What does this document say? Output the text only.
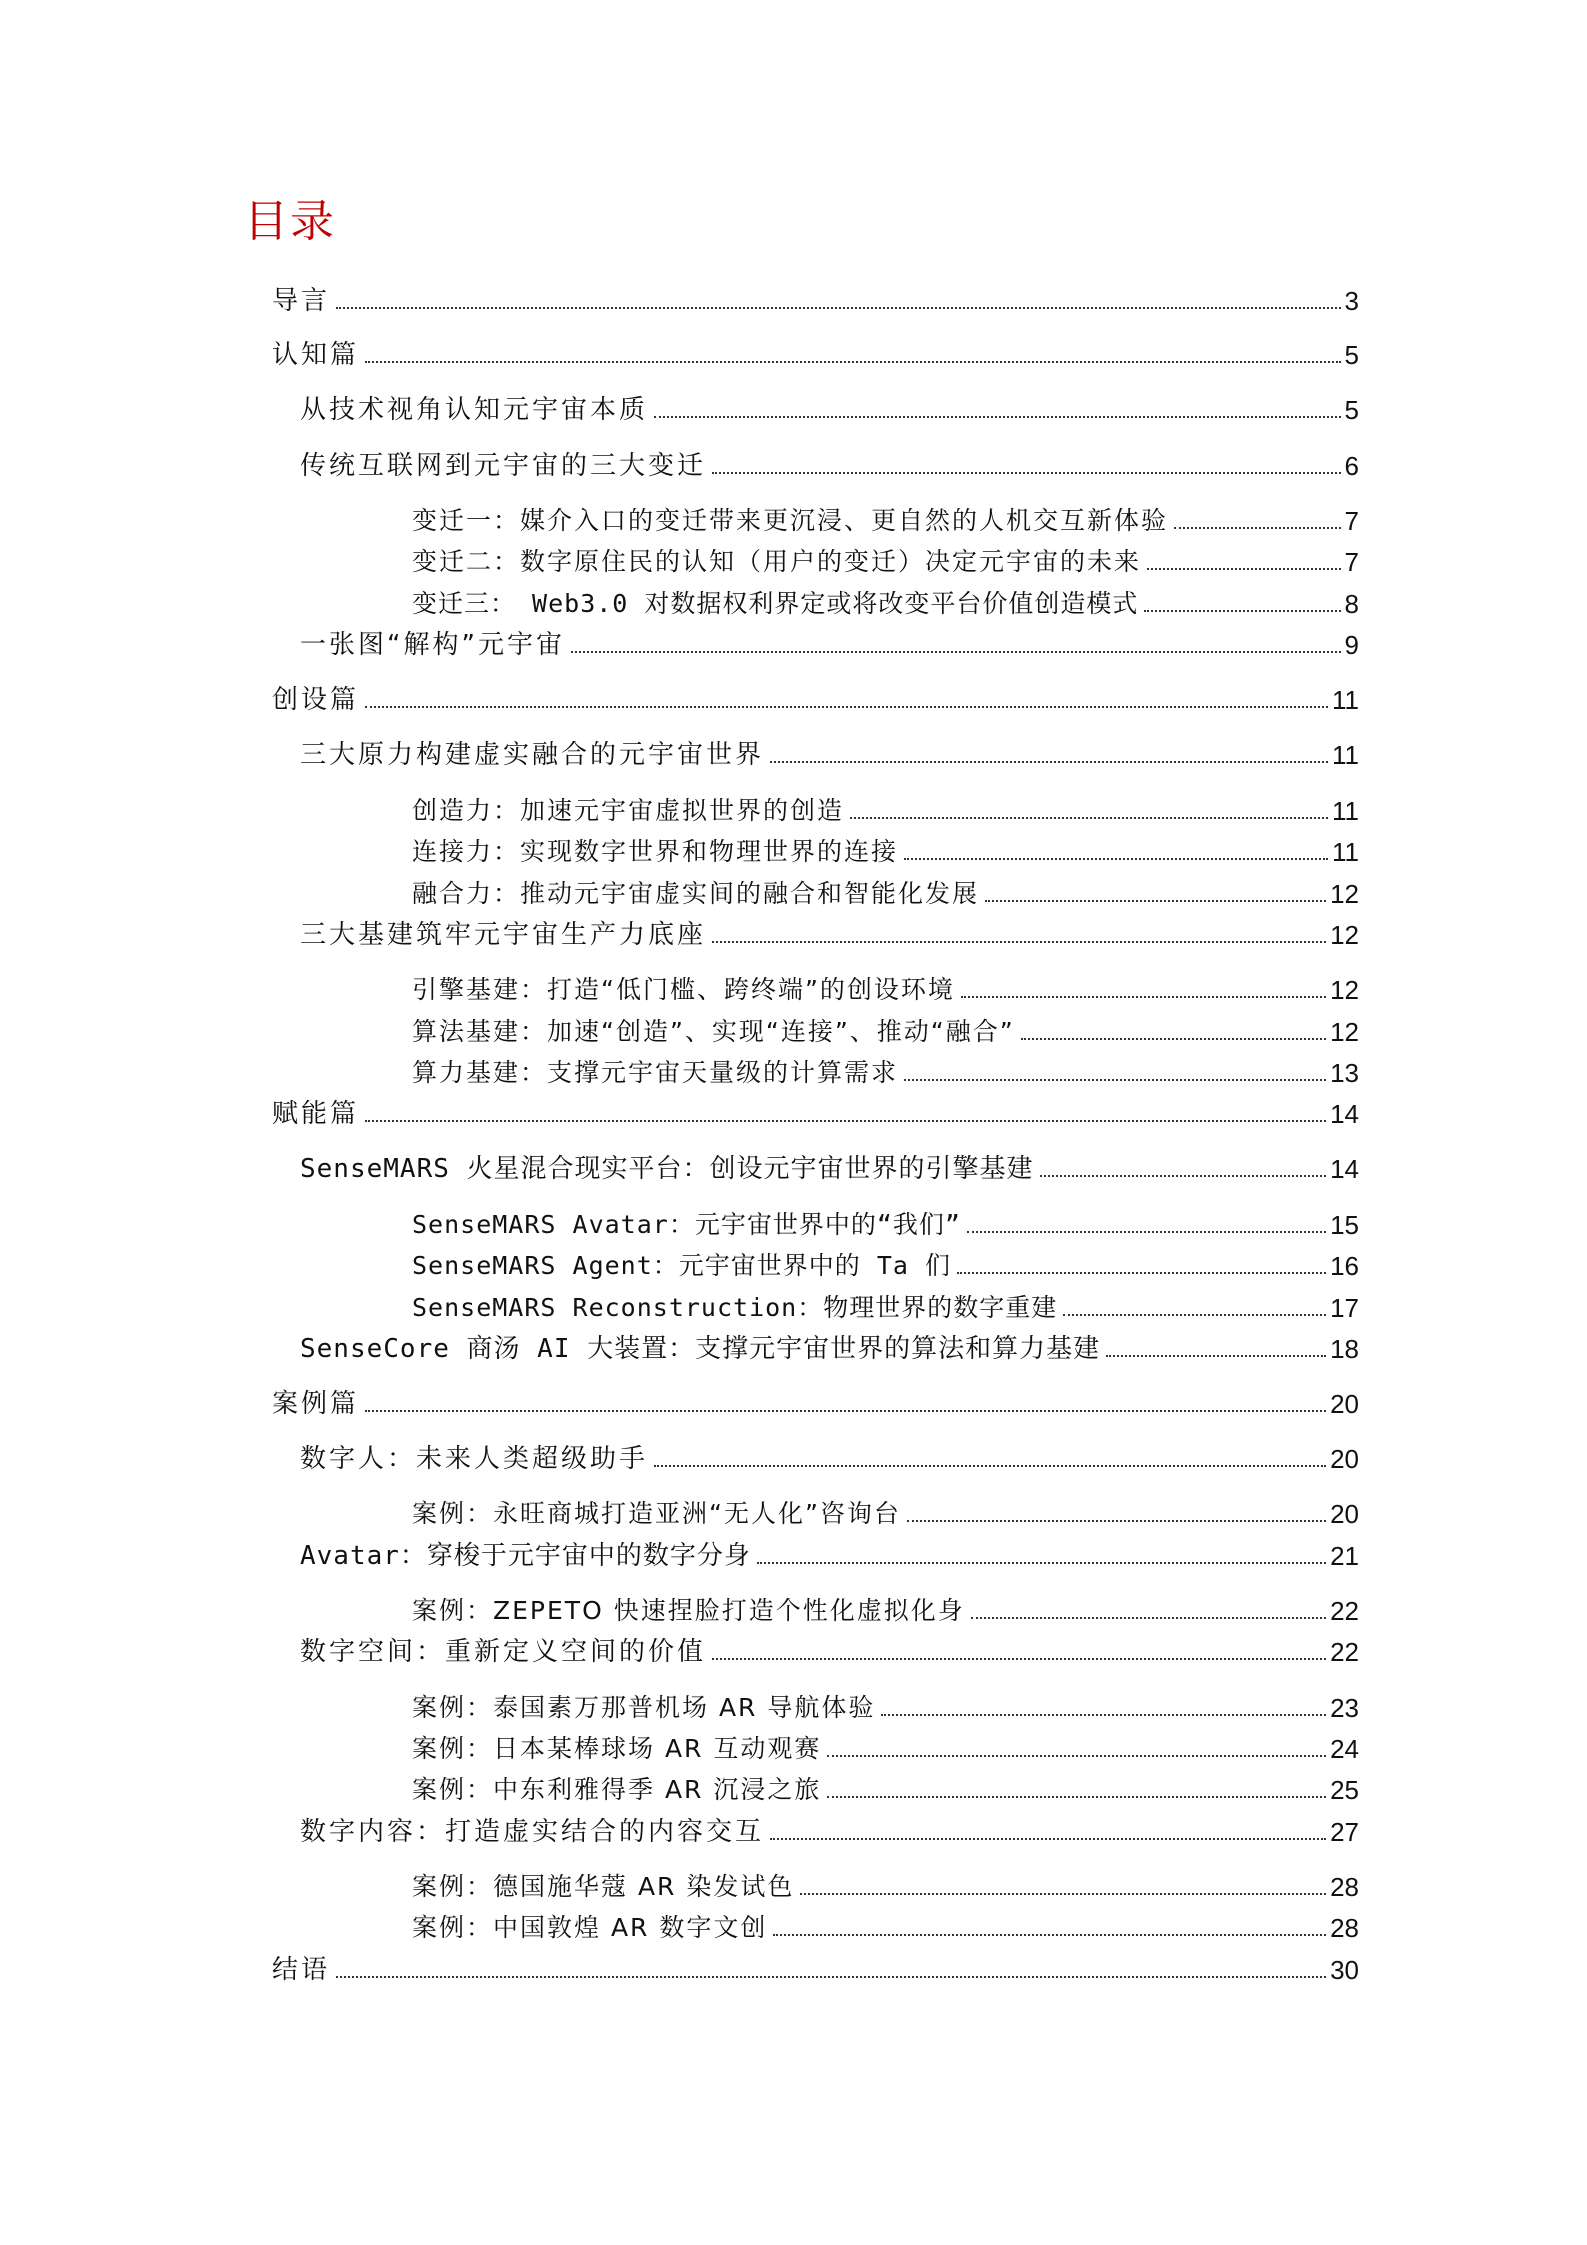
目录
导言	3
认知篇	5
从技术视角认知元宇宙本质	5
传统互联网到元宇宙的三大变迁	6
变迁一：媒介入口的变迁带来更沉浸、更自然的人机交互新体验	7
变迁二：数字原住民的认知（用户的变迁）决定元宇宙的未来	7
变迁三： Web3.0 对数据权利界定或将改变平台价值创造模式	8
一张图“解构”元宇宙	9
创设篇	11
三大原力构建虚实融合的元宇宙世界	11
创造力：加速元宇宙虚拟世界的创造	11
连接力：实现数字世界和物理世界的连接	11
融合力：推动元宇宙虚实间的融合和智能化发展	12
三大基建筑牢元宇宙生产力底座	12
引擎基建：打造“低门槛、跨终端”的创设环境	12
算法基建：加速“创造”、实现“连接”、推动“融合”	12
算力基建：支撑元宇宙天量级的计算需求	13
赋能篇	14
SenseMARS 火星混合现实平台：创设元宇宙世界的引擎基建	14
SenseMARS Avatar：元宇宙世界中的“我们”	15
SenseMARS Agent：元宇宙世界中的 Ta 们	16
SenseMARS Reconstruction：物理世界的数字重建	17
SenseCore 商汤 AI 大装置：支撑元宇宙世界的算法和算力基建	18
案例篇	20
数字人：未来人类超级助手	20
案例：永旺商城打造亚洲“无人化”咨询台	20
Avatar：穿梭于元宇宙中的数字分身	21
案例：ZEPETO 快速捏脸打造个性化虚拟化身	22
数字空间：重新定义空间的价值	22
案例：泰国素万那普机场 AR 导航体验	23
案例：日本某棒球场 AR 互动观赛	24
案例：中东利雅得季 AR 沉浸之旅	25
数字内容：打造虚实结合的内容交互	27
案例：德国施华蔻 AR 染发试色	28
案例：中国敦煌 AR 数字文创	28
结语	30
